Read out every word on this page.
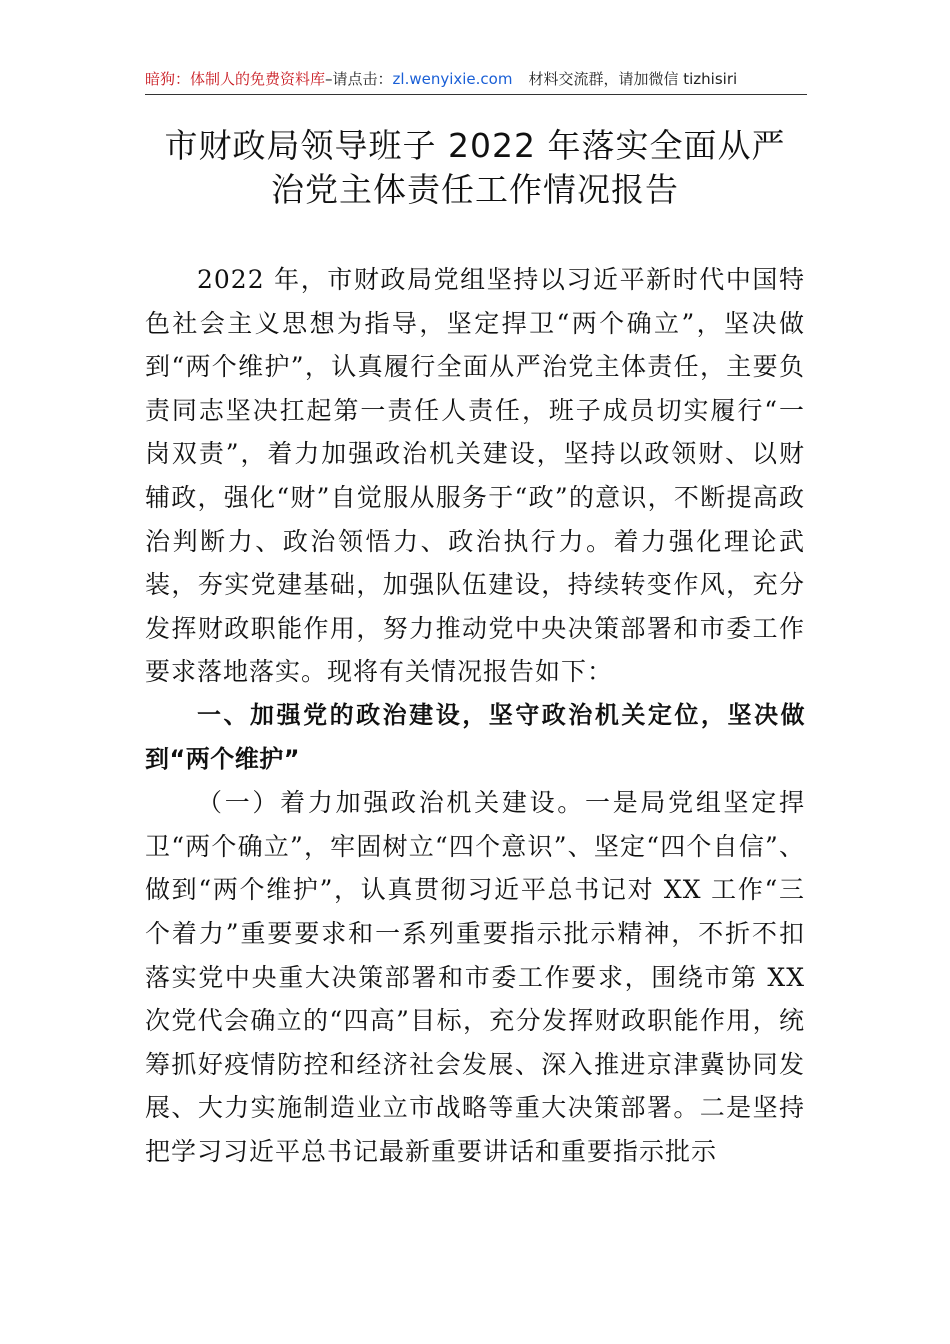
暗狗：体制人的免费资料库–请点击：zl.wenyixie.com 材料交流群，请加微信 tizhisiri
市财政局领导班子 2022 年落实全面从严
治党主体责任工作情况报告

2022 年，市财政局党组坚持以习近平新时代中国特色社会主义思想为指导，坚定捍卫“两个确立”，坚决做到“两个维护”，认真履行全面从严治党主体责任，主要负责同志坚决扛起第一责任人责任，班子成员切实履行“一岗双责”，着力加强政治机关建设，坚持以政领财、以财辅政，强化“财”自觉服从服务于“政”的意识，不断提高政治判断力、政治领悟力、政治执行力。着力强化理论武装，夯实党建基础，加强队伍建设，持续转变作风，充分发挥财政职能作用，努力推动党中央决策部署和市委工作要求落地落实。现将有关情况报告如下：

一、加强党的政治建设，坚守政治机关定位，坚决做到“两个维护”

（一）着力加强政治机关建设。一是局党组坚定捍卫“两个确立”，牢固树立“四个意识”、坚定“四个自信”、做到“两个维护”，认真贯彻习近平总书记对 XX 工作“三个着力”重要要求和一系列重要指示批示精神，不折不扣落实党中央重大决策部署和市委工作要求，围绕市第 XX 次党代会确立的“四高”目标，充分发挥财政职能作用，统筹抓好疫情防控和经济社会发展、深入推进京津冀协同发展、大力实施制造业立市战略等重大决策部署。二是坚持把学习习近平总书记最新重要讲话和重要指示批示
